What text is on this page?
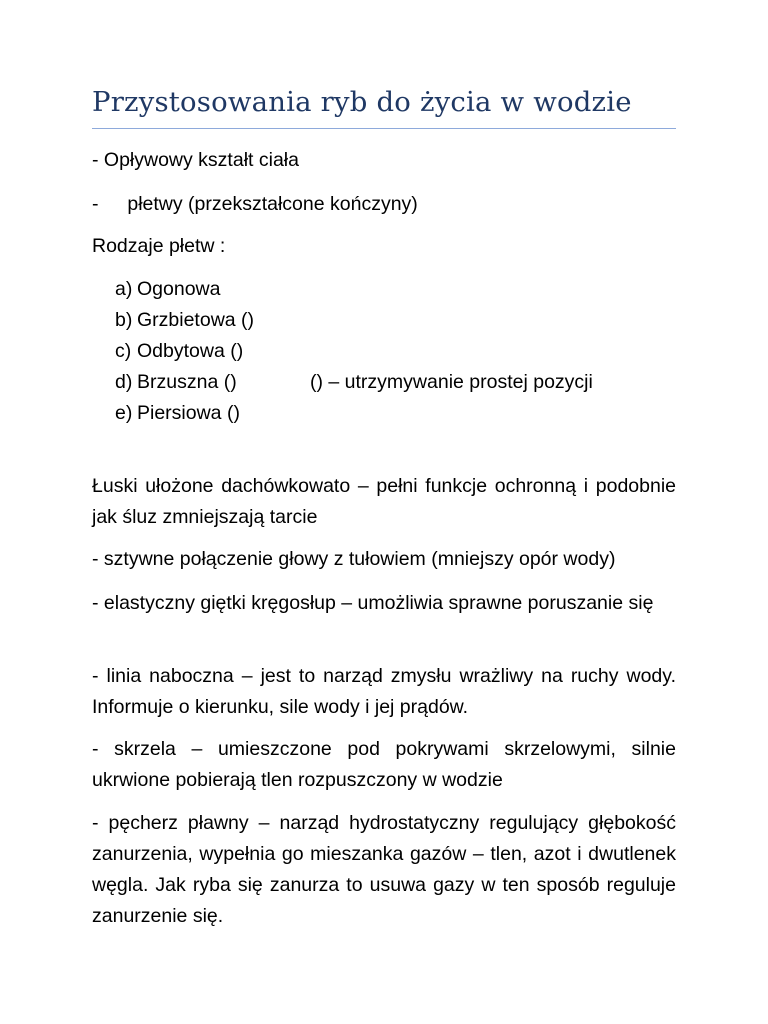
Przystosowania ryb do życia w wodzie
- Opływowy kształt ciała
- płetwy (przekształcone kończyny)
Rodzaje płetw :
a) Ogonowa
b) Grzbietowa ()
c) Odbytowa ()
d) Brzuszna ()	() – utrzymywanie prostej pozycji
e) Piersiowa ()
Łuski ułożone dachówkowato – pełni funkcje ochronną i podobnie jak śluz zmniejszają tarcie
- sztywne połączenie głowy z tułowiem (mniejszy opór wody)
- elastyczny giętki kręgosłup – umożliwia sprawne poruszanie się
- linia naboczna – jest to narząd zmysłu wrażliwy na ruchy wody. Informuje o kierunku, sile wody i jej prądów.
- skrzela – umieszczone pod pokrywami skrzelowymi, silnie ukrwione pobierają tlen rozpuszczony w wodzie
- pęcherz pławny – narząd hydrostatyczny regulujący głębokość zanurzenia, wypełnia go mieszanka gazów – tlen, azot i dwutlenek węgla. Jak ryba się zanurza to usuwa gazy w ten sposób reguluje zanurzenie się.
